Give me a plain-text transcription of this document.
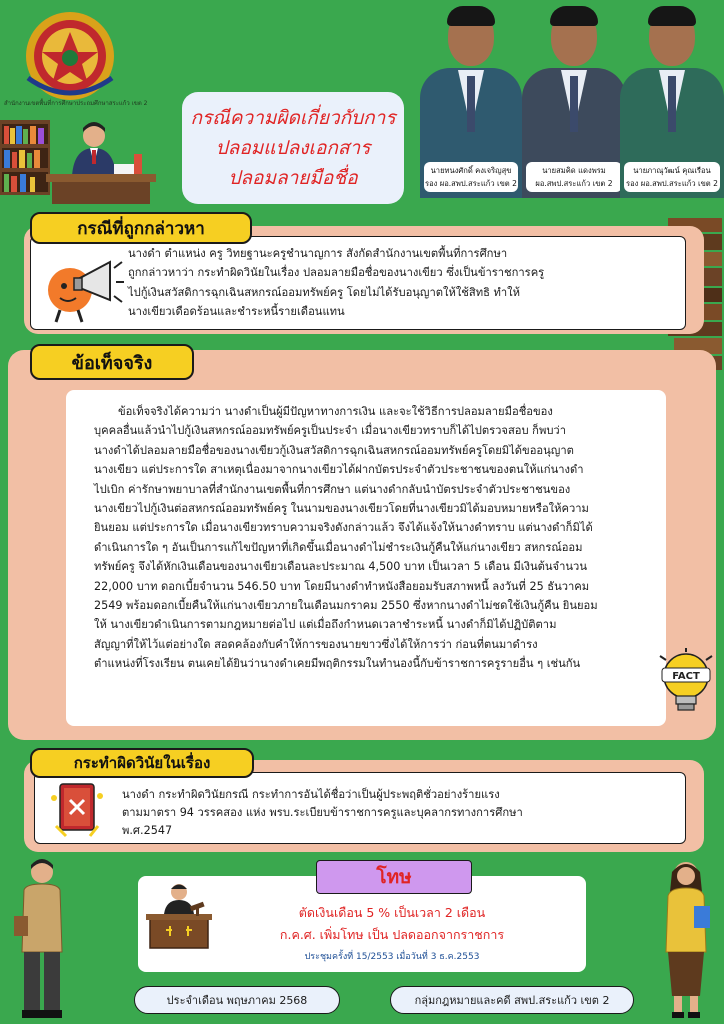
สำนักงานเขตพื้นที่การศึกษาประถมศึกษาสระแก้ว เขต 2
กรณีความผิดเกี่ยวกับการ
ปลอมแปลงเอกสาร
ปลอมลายมือชื่อ	นายทนงศักดิ์ คงเจริญสุข
รอง ผอ.สพป.สระแก้ว เขต 2
นายสมคิด แดงพรม
ผอ.สพป.สระแก้ว เขต 2
นายภาณุวัฒน์ คุณเรือน
รอง ผอ.สพป.สระแก้ว เขต 2
กรณีที่ถูกกล่าวหา
นางดำ ตำแหน่ง ครู วิทยฐานะครูชำนาญการ สังกัดสำนักงานเขตพื้นที่การศึกษา
ถูกกล่าวหาว่า กระทำผิดวินัยในเรื่อง ปลอมลายมือชื่อของนางเขียว ซึ่งเป็นข้าราชการครู
ไปกู้เงินสวัสดิการฉุกเฉินสหกรณ์ออมทรัพย์ครู โดยไม่ได้รับอนุญาตให้ใช้สิทธิ ทำให้
นางเขียวเดือดร้อนและชำระหนี้รายเดือนแทน
ข้อเท็จจริง
ข้อเท็จจริงได้ความว่า นางดำเป็นผู้มีปัญหาทางการเงิน และจะใช้วิธีการปลอมลายมือชื่อของ
บุคคลอื่นแล้วนำไปกู้เงินสหกรณ์ออมทรัพย์ครูเป็นประจำ เมื่อนางเขียวทราบก็ได้ไปตรวจสอบ ก็พบว่า
นางดำได้ปลอมลายมือชื่อของนางเขียวกู้เงินสวัสดิการฉุกเฉินสหกรณ์ออมทรัพย์ครูโดยมิได้ขออนุญาต
นางเขียว แต่ประการใด สาเหตุเนื่องมาจากนางเขียวได้ฝากบัตรประจำตัวประชาชนของตนให้แก่นางดำ
ไปเบิก ค่ารักษาพยาบาลที่สำนักงานเขตพื้นที่การศึกษา แต่นางดำกลับนำบัตรประจำตัวประชาชนของ
นางเขียวไปกู้เงินต่อสหกรณ์ออมทรัพย์ครู ในนามของนางเขียวโดยที่นางเขียวมิได้มอบหมายหรือให้ความ
ยินยอม แต่ประการใด เมื่อนางเขียวทราบความจริงดังกล่าวแล้ว จึงได้แจ้งให้นางดำทราบ แต่นางดำก็มิได้
ดำเนินการใด ๆ อันเป็นการแก้ไขปัญหาที่เกิดขึ้นเมื่อนางดำไม่ชำระเงินกู้คืนให้แก่นางเขียว สหกรณ์ออม
ทรัพย์ครู จึงได้หักเงินเดือนของนางเขียวเดือนละประมาณ 4,500 บาท เป็นเวลา 5 เดือน มีเงินต้นจำนวน
22,000 บาท ดอกเบี้ยจำนวน 546.50 บาท โดยมีนางดำทำหนังสือยอมรับสภาพหนี้ ลงวันที่ 25 ธันวาคม
2549 พร้อมดอกเบี้ยคืนให้แก่นางเขียวภายในเดือนมกราคม 2550 ซึ่งหากนางดำไม่ชดใช้เงินกู้คืน ยินยอม
ให้ นางเขียวดำเนินการตามกฎหมายต่อไป แต่เมื่อถึงกำหนดเวลาชำระหนี้ นางดำก็มิได้ปฏิบัติตาม
สัญญาที่ให้ไว้แต่อย่างใด สอดคล้องกับคำให้การของนายขาวซึ่งได้ให้การว่า ก่อนที่ตนมาดำรง
ตำแหน่งที่โรงเรียน ตนเคยได้ยินว่านางดำเคยมีพฤติกรรมในทำนองนี้กับข้าราชการครูรายอื่น ๆ เช่นกัน
FACT
กระทำผิดวินัยในเรื่อง
นางดำ กระทำผิดวินัยกรณี กระทำการอันได้ชื่อว่าเป็นผู้ประพฤติชั่วอย่างร้ายแรง
ตามมาตรา 94 วรรคสอง แห่ง พรบ.ระเบียบข้าราชการครูและบุคลากรทางการศึกษา
พ.ศ.2547
โทษ
ตัดเงินเดือน 5 % เป็นเวลา 2 เดือน
ก.ค.ศ. เพิ่มโทษ เป็น ปลดออกจากราชการ
ประชุมครั้งที่ 15/2553 เมื่อวันที่ 3 ธ.ค.2553
ประจำเดือน พฤษภาคม 2568	กลุ่มกฎหมายและคดี สพป.สระแก้ว เขต 2
